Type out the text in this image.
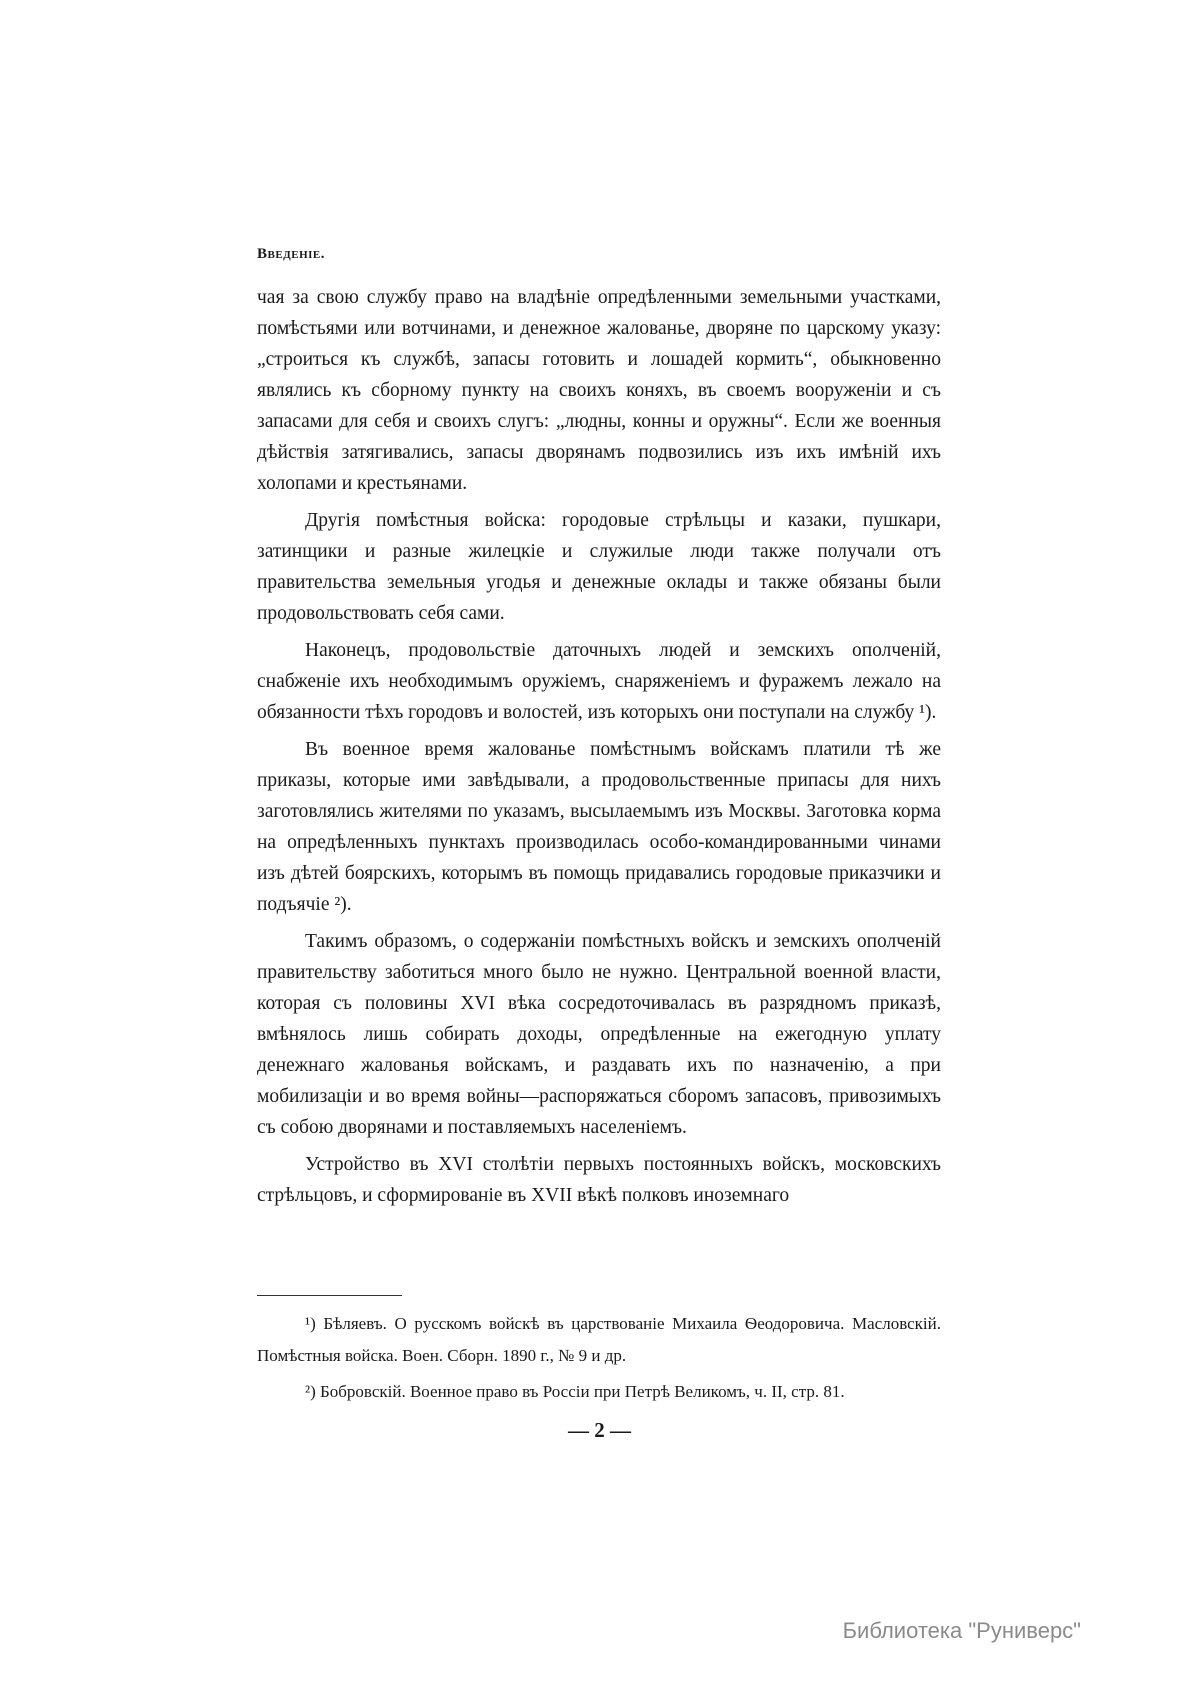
Введеніе.

чая за свою службу право на владѣніе опредѣленными земельными участками, помѣстьями или вотчинами, и денежное жалованье, дворяне по царскому указу: „строиться къ службѣ, запасы готовить и лошадей кормить“, обыкновенно являлись къ сборному пункту на своихъ коняхъ, въ своемъ вооруженіи и съ запасами для себя и своихъ слугъ: „людны, конны и оружны“. Если же военныя дѣйствія затягивались, запасы дворянамъ подвозились изъ ихъ имѣній ихъ холопами и крестьянами.

Другія помѣстныя войска: городовые стрѣльцы и казаки, пушкари, затинщики и разные жилецкіе и служилые люди также получали отъ правительства земельныя угодья и денежные оклады и также обязаны были продовольствовать себя сами.

Наконецъ, продовольствіе даточныхъ людей и земскихъ ополченій, снабженіе ихъ необходимымъ оружіемъ, снаряженіемъ и фуражемъ лежало на обязанности тѣхъ городовъ и волостей, изъ которыхъ они поступали на службу ¹).

Въ военное время жалованье помѣстнымъ войскамъ платили тѣ же приказы, которые ими завѣдывали, а продовольственные припасы для нихъ заготовлялись жителями по указамъ, высылаемымъ изъ Москвы. Заготовка корма на опредѣленныхъ пунктахъ производилась особо-командированными чинами изъ дѣтей боярскихъ, которымъ въ помощь придавались городовые приказчики и подъячіе ²).

Такимъ образомъ, о содержаніи помѣстныхъ войскъ и земскихъ ополченій правительству заботиться много было не нужно. Центральной военной власти, которая съ половины XVI вѣка сосредоточивалась въ разрядномъ приказѣ, вмѣнялось лишь собирать доходы, опредѣленные на ежегодную уплату денежнаго жалованья войскамъ, и раздавать ихъ по назначенію, а при мобилизаціи и во время войны—распоряжаться сборомъ запасовъ, привозимыхъ съ собою дворянами и поставляемыхъ населеніемъ.

Устройство въ XVI столѣтіи первыхъ постоянныхъ войскъ, московскихъ стрѣльцовъ, и сформированіе въ XVII вѣкѣ полковъ иноземнаго

¹) Бѣляевъ. О русскомъ войскѣ въ царствованіе Михаила Ѳеодоровича. Масловскій. Помѣстныя войска. Воен. Сборн. 1890 г., № 9 и др.

²) Бобровскій. Военное право въ Россіи при Петрѣ Великомъ, ч. II, стр. 81.

— 2 —
Библиотека "Руниверс"
